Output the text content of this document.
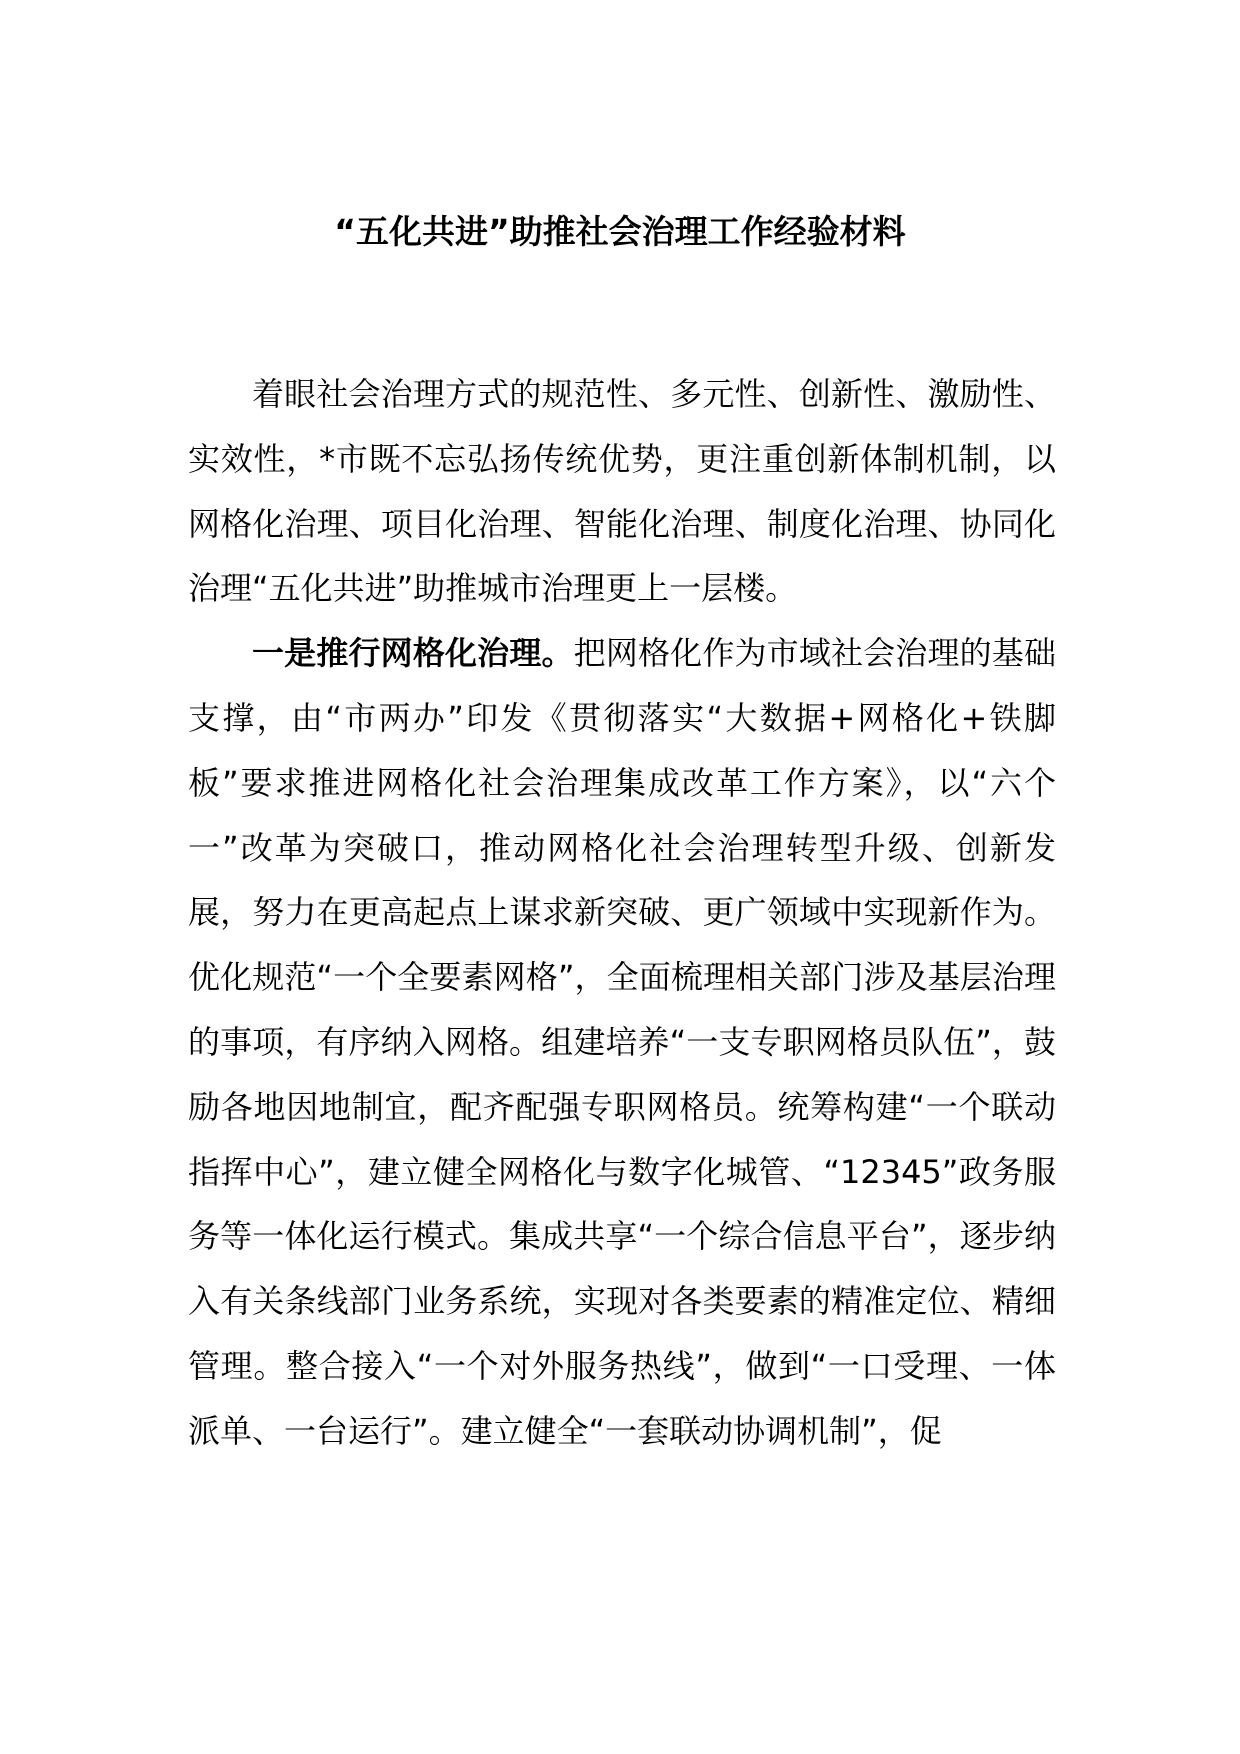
“五化共进”助推社会治理工作经验材料

着眼社会治理方式的规范性、多元性、创新性、激励性、实效性，*市既不忘弘扬传统优势，更注重创新体制机制，以网格化治理、项目化治理、智能化治理、制度化治理、协同化治理“五化共进”助推城市治理更上一层楼。

一是推行网格化治理。把网格化作为市域社会治理的基础支撑，由“市两办”印发《贯彻落实“大数据+网格化+铁脚板”要求推进网格化社会治理集成改革工作方案》，以“六个一”改革为突破口，推动网格化社会治理转型升级、创新发展，努力在更高起点上谋求新突破、更广领域中实现新作为。优化规范“一个全要素网格”，全面梳理相关部门涉及基层治理的事项，有序纳入网格。组建培养“一支专职网格员队伍”，鼓励各地因地制宜，配齐配强专职网格员。统筹构建“一个联动指挥中心”，建立健全网格化与数字化城管、“12345”政务服务等一体化运行模式。集成共享“一个综合信息平台”，逐步纳入有关条线部门业务系统，实现对各类要素的精准定位、精细管理。整合接入“一个对外服务热线”，做到“一口受理、一体派单、一台运行”。建立健全“一套联动协调机制”，促
